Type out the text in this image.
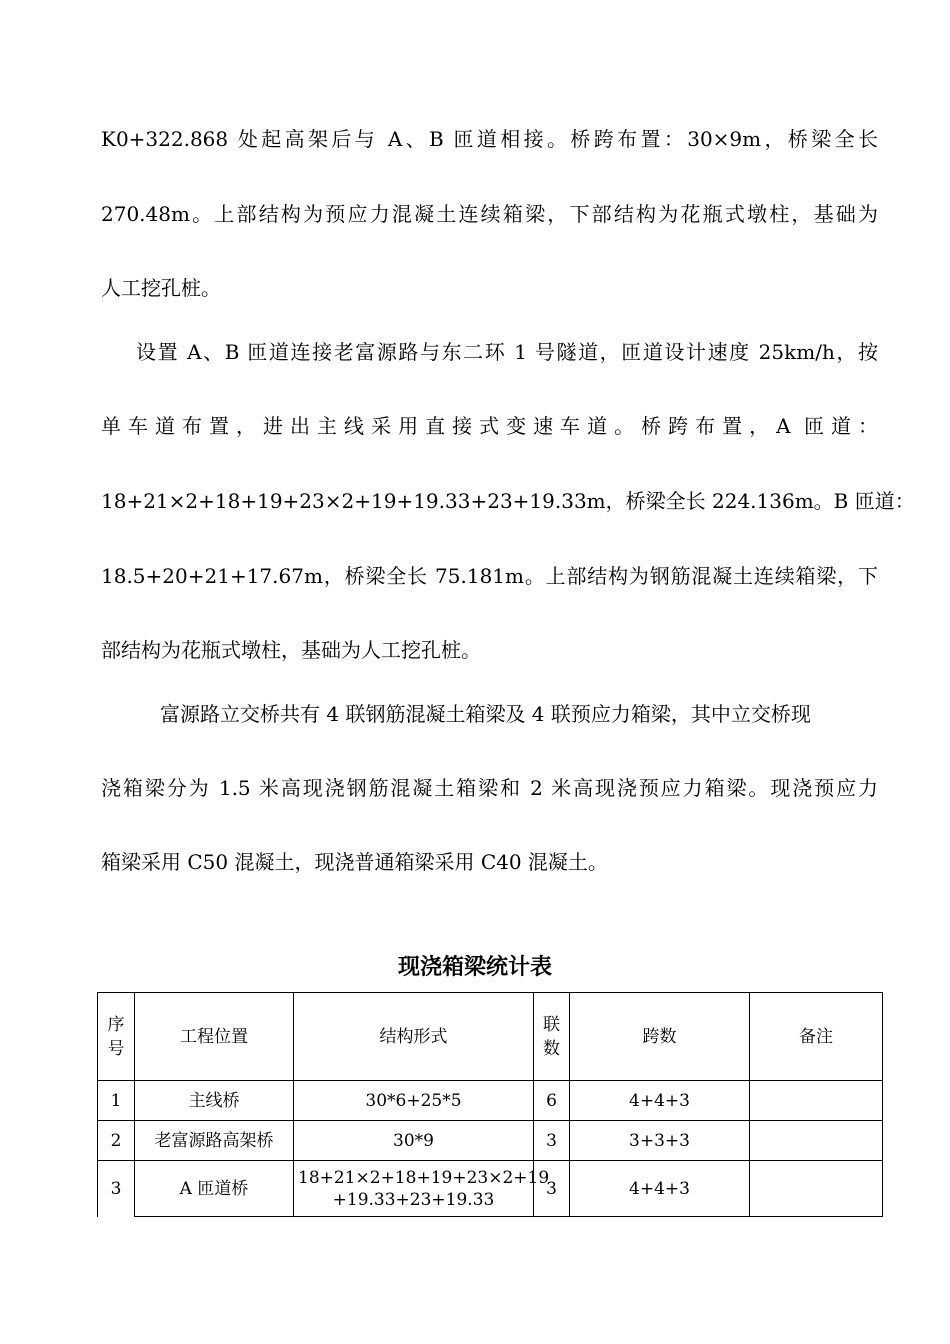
K0+322.868 处起高架后与 A、B 匝道相接。桥跨布置：30×9m，桥梁全长
270.48m。上部结构为预应力混凝土连续箱梁，下部结构为花瓶式墩柱，基础为
人工挖孔桩。
设置 A、B 匝道连接老富源路与东二环 1 号隧道，匝道设计速度 25km/h，按
单车道布置，进出主线采用直接式变速车道。桥跨布置，A 匝道：
18+21×2+18+19+23×2+19+19.33+23+19.33m，桥梁全长 224.136m。B 匝道：
18.5+20+21+17.67m，桥梁全长 75.181m。上部结构为钢筋混凝土连续箱梁，下
部结构为花瓶式墩柱，基础为人工挖孔桩。
富源路立交桥共有 4 联钢筋混凝土箱梁及 4 联预应力箱梁，其中立交桥现
浇箱梁分为 1.5 米高现浇钢筋混凝土箱梁和 2 米高现浇预应力箱梁。现浇预应力
箱梁采用 C50 混凝土，现浇普通箱梁采用 C40 混凝土。
现浇箱梁统计表
序号	工程位置	结构形式	联数	跨数	备注
1	主线桥	30*6+25*5	6	4+4+3	
2	老富源路高架桥	30*9	3	3+3+3	
3	A 匝道桥	18+21×2+18+19+23×2+19 +19.33+23+19.33	3	4+4+3	
